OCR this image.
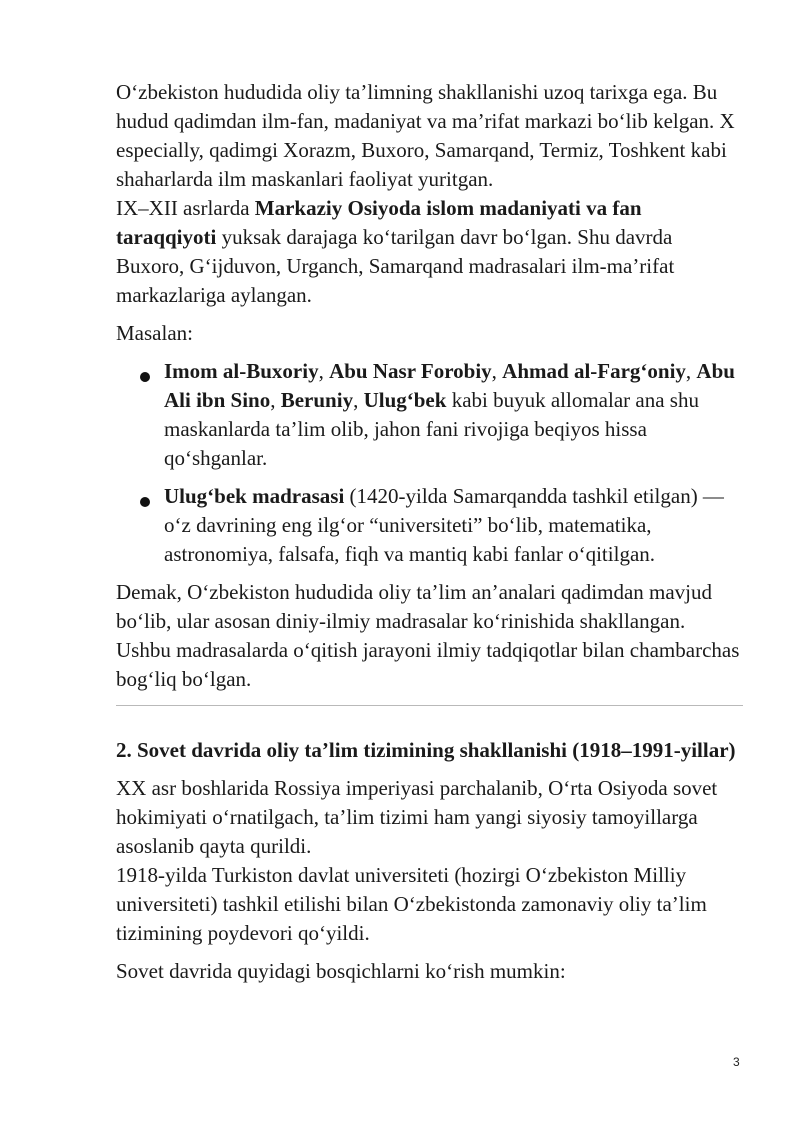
O‘zbekiston hududida oliy ta’limning shakllanishi uzoq tarixga ega. Bu hudud qadimdan ilm-fan, madaniyat va ma’rifat markazi bo‘lib kelgan. X especially, qadimgi Xorazm, Buxoro, Samarqand, Termiz, Toshkent kabi shaharlarda ilm maskanlari faoliyat yuritgan.

IX–XII asrlarda Markaziy Osiyoda islom madaniyati va fan taraqqiyoti yuksak darajaga ko‘tarilgan davr bo‘lgan. Shu davrda Buxoro, G‘ijduvon, Urganch, Samarqand madrasalari ilm-ma’rifat markazlariga aylangan.

Masalan:

Imom al-Buxoriy, Abu Nasr Forobiy, Ahmad al-Farg‘oniy, Abu Ali ibn Sino, Beruniy, Ulug‘bek kabi buyuk allomalar ana shu maskanlarda ta’lim olib, jahon fani rivojiga beqiyos hissa qo‘shganlar.
Ulug‘bek madrasasi (1420-yilda Samarqandda tashkil etilgan) — o‘z davrining eng ilg‘or “universiteti” bo‘lib, matematika, astronomiya, falsafa, fiqh va mantiq kabi fanlar o‘qitilgan.

Demak, O‘zbekiston hududida oliy ta’lim an’analari qadimdan mavjud bo‘lib, ular asosan diniy-ilmiy madrasalar ko‘rinishida shakllangan. Ushbu madrasalarda o‘qitish jarayoni ilmiy tadqiqotlar bilan chambarchas bog‘liq bo‘lgan.

2. Sovet davrida oliy ta’lim tizimining shakllanishi (1918–1991-yillar)

XX asr boshlarida Rossiya imperiyasi parchalanib, O‘rta Osiyoda sovet hokimiyati o‘rnatilgach, ta’lim tizimi ham yangi siyosiy tamoyillarga asoslanib qayta qurildi.

1918-yilda Turkiston davlat universiteti (hozirgi O‘zbekiston Milliy universiteti) tashkil etilishi bilan O‘zbekistonda zamonaviy oliy ta’lim tizimining poydevori qo‘yildi.

Sovet davrida quyidagi bosqichlarni ko‘rish mumkin:

3
